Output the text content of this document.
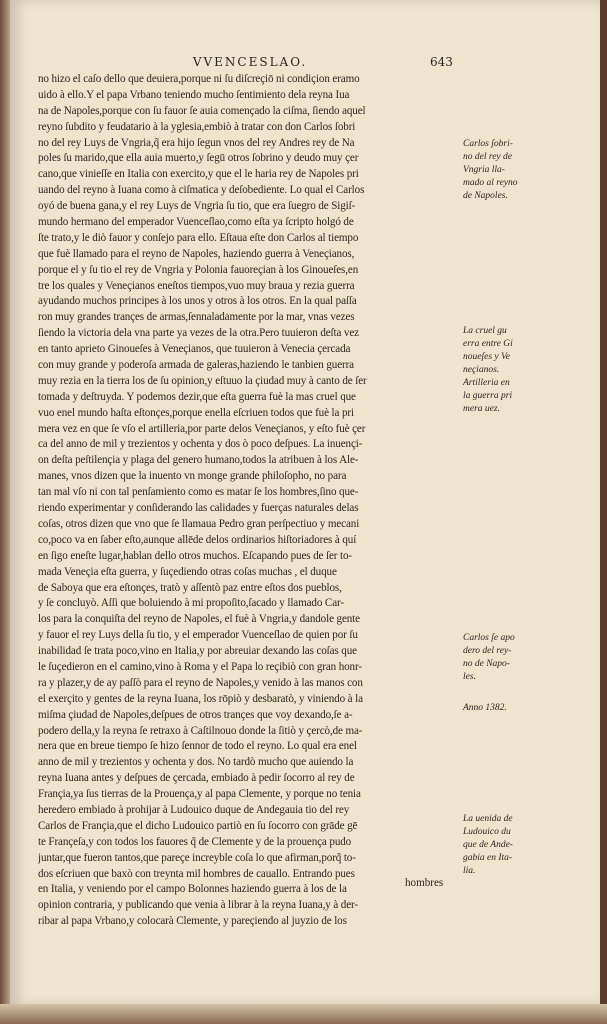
VVENCESLAO.	643
no hizo el caſo dello que deuiera,porque ni ſu diſcreçiō ni condiçion eramo
uido à ello.Y el papa Vrbano teniendo mucho ſentimiento dela reyna Iua
na de Napoles,porque con ſu fauor ſe auia començado la ciſma, ſiendo aquel
reyno ſubdito y feudatario à la yglesia,embiò à tratar con don Carlos ſobri
no del rey Luys de Vngria,q̃ era hijo ſegun vnos del rey Andres rey de Na
poles ſu marido,que ella auia muerto,y ſegū otros ſobrino y deudo muy çer
cano,que vinieſſe en Italia con exercito,y que el le haria rey de Napoles pri
uando del reyno à Iuana como à ciſmatica y deſobediente. Lo qual el Carlos
oyó de buena gana,y el rey Luys de Vngria ſu tio, que era ſuegro de Sigiſ-
mundo hermano del emperador Vuenceſlao,como eſta ya ſcripto holgó de
ſte trato,y le diò fauor y conſejo para ello. Eſtaua eſte don Carlos al tiempo
que fuè llamado para el reyno de Napoles, haziendo guerra à Veneçianos,
porque el y ſu tio el rey de Vngria y Polonia fauoreçian à los Ginoueſes,en
tre los quales y Veneçianos eneſtos tiempos,vuo muy braua y rezia guerra
ayudando muchos principes à los unos y otros à los otros. En la qual paſſa
ron muy grandes trançes de armas,ſennaladamente por la mar, vnas vezes
ſiendo la victoria dela vna parte ya vezes de la otra.Pero tuuieron deſta vez
en tanto aprieto Ginoueſes à Veneçianos, que tuuieron à Venecia çercada
con muy grande y poderoſa armada de galeras,haziendo le tanbien guerra
muy rezia en la tierra los de ſu opinion,y eſtuuo la çiudad muy à canto de ſer
tomada y deſtruyda. Y podemos dezir,que eſta guerra fuè la mas cruel que
vuo enel mundo haſta eſtonçes,porque enella eſcriuen todos que fuè la pri
mera vez en que ſe vſo el artilleria,por parte delos Veneçianos, y eſto fuè çer
ca del anno de mil y trezientos y ochenta y dos ò poco deſpues. La inuençi-
on deſta peſtilençia y plaga del genero humano,todos la atribuen à los Ale-
manes, vnos dizen que la inuento vn monge grande philoſopho, no para
tan mal vſo ni con tal penſamiento como es matar ſe los hombres,ſino que-
riendo experimentar y conſiderando las calidades y fuerças naturales delas
coſas, otros dizen que vno que ſe llamaua Pedro gran perſpectiuo y mecani
co,poco va en ſaber eſto,aunque allēde delos ordinarios hiſtoriadores à quí
en ſigo eneſte lugar,hablan dello otros muchos. Eſcapando pues de ſer to-
mada Veneçia eſta guerra, y ſuçediendo otras coſas muchas , el duque
de Saboya que era eſtonçes, tratò y aſſentò paz entre eſtos dos pueblos,
y ſe concluyò. Aſſi que boluiendo à mi propoſito,ſacado y llamado Car-
los para la conquiſta del reyno de Napoles, el fuè à Vngria,y dandole gente
y fauor el rey Luys della ſu tio, y el emperador Vuenceſlao de quien por ſu
inabilidad ſe trata poco,vino en Italia,y por abreuiar dexando las coſas que
le ſuçedieron en el camino,vino à Roma y el Papa lo reçibiò con gran honr-
ra y plazer,y de ay paſſò para el reyno de Napoles,y venido à las manos con
el exerçito y gentes de la reyna Iuana, los rōpiò y desbaratò, y viniendo à la
miſma çiudad de Napoles,deſpues de otros trançes que voy dexando,ſe a-
podero della,y la reyna ſe retraxo à Caſtilnouo donde la ſitiò y çercò,de ma-
nera que en breue tiempo ſe hizo ſennor de todo el reyno. Lo qual era enel
anno de mil y trezientos y ochenta y dos. No tardò mucho que auiendo la
reyna Iuana antes y deſpues de çercada, embiado à pedir ſocorro al rey de
Françia,ya ſus tierras de la Prouença,y al papa Clemente, y porque no tenia
heredero embiado à prohijar à Ludouico duque de Andegauia tio del rey
Carlos de Françia,que el dicho Ludouico partiò en ſu ſocorro con grāde gē
te Françeſa,y con todos los fauores q̃ de Clemente y de la prouença pudo
juntar,que fueron tantos,que pareçe increyble coſa lo que afirman,porq̃ to-
dos eſcriuen que baxò con treynta mil hombres de cauallo. Entrando pues
en Italia, y veniendo por el campo Bolonnes haziendo guerra à los de la
opinion contraria, y publicando que venia à librar à la reyna Iuana,y à der-
ribar al papa Vrbano,y colocarà Clemente, y pareçiendo al juyzio de los
Carlos ſobri-
no del rey de
Vngria lla-
mado al reyno
de Napoles.
La cruel gu
erra entre Gi
noueſes y Ve
neçianos.
Artilleria en
la guerra pri
mera uez.
Carlos ſe apo
dero del rey-
no de Napo-
les.
Anno 1382.
La uenida de
Ludouico du
que de Ande-
gabia en Ita-
lia.
hombres
